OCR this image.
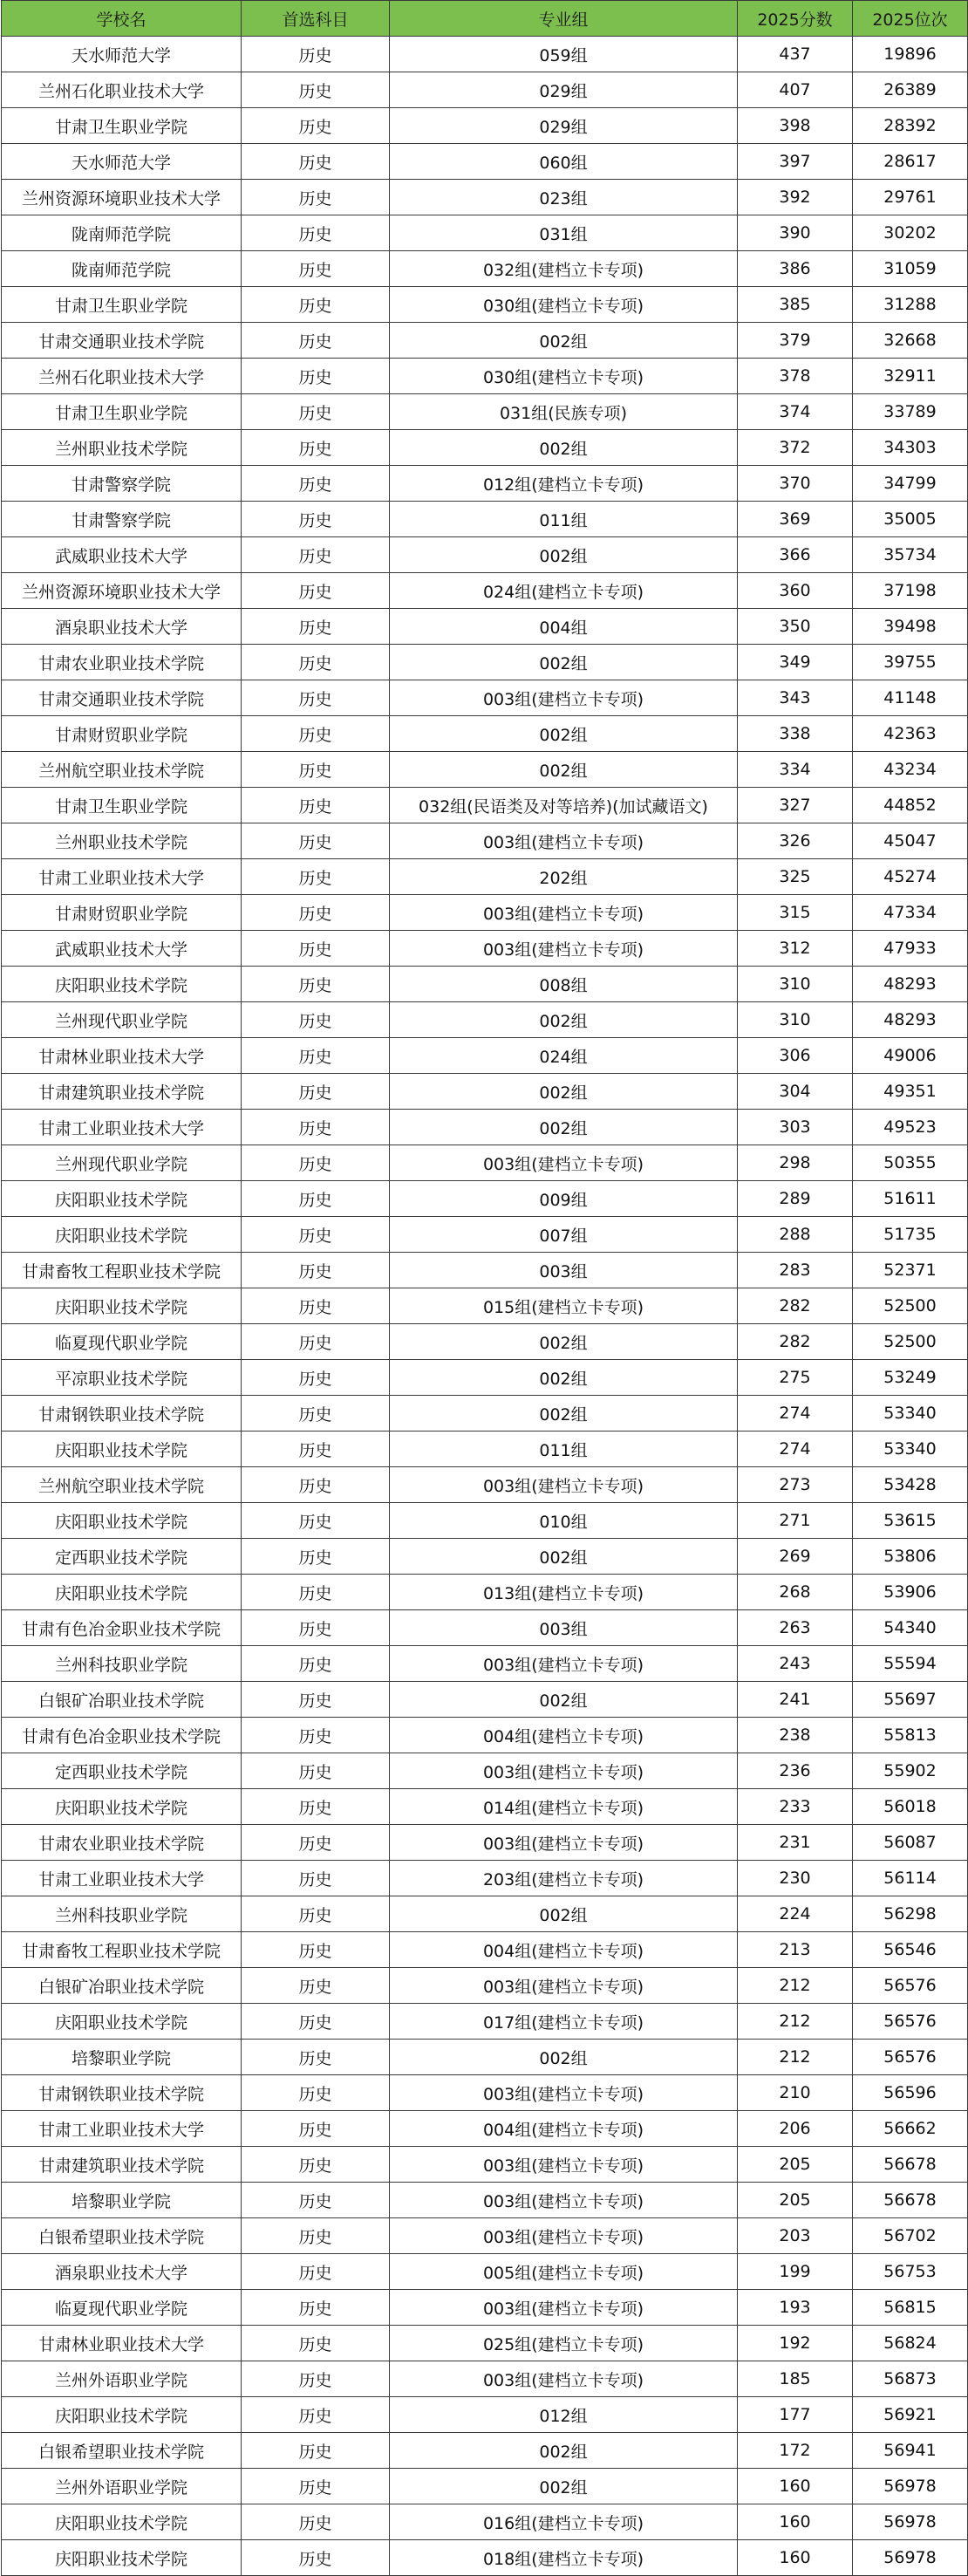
学校名	首选科目	专业组	2025分数	2025位次
天水师范大学	历史	059组	437	19896
兰州石化职业技术大学	历史	029组	407	26389
甘肃卫生职业学院	历史	029组	398	28392
天水师范大学	历史	060组	397	28617
兰州资源环境职业技术大学	历史	023组	392	29761
陇南师范学院	历史	031组	390	30202
陇南师范学院	历史	032组(建档立卡专项)	386	31059
甘肃卫生职业学院	历史	030组(建档立卡专项)	385	31288
甘肃交通职业技术学院	历史	002组	379	32668
兰州石化职业技术大学	历史	030组(建档立卡专项)	378	32911
甘肃卫生职业学院	历史	031组(民族专项)	374	33789
兰州职业技术学院	历史	002组	372	34303
甘肃警察学院	历史	012组(建档立卡专项)	370	34799
甘肃警察学院	历史	011组	369	35005
武威职业技术大学	历史	002组	366	35734
兰州资源环境职业技术大学	历史	024组(建档立卡专项)	360	37198
酒泉职业技术大学	历史	004组	350	39498
甘肃农业职业技术学院	历史	002组	349	39755
甘肃交通职业技术学院	历史	003组(建档立卡专项)	343	41148
甘肃财贸职业学院	历史	002组	338	42363
兰州航空职业技术学院	历史	002组	334	43234
甘肃卫生职业学院	历史	032组(民语类及对等培养)(加试藏语文)	327	44852
兰州职业技术学院	历史	003组(建档立卡专项)	326	45047
甘肃工业职业技术大学	历史	202组	325	45274
甘肃财贸职业学院	历史	003组(建档立卡专项)	315	47334
武威职业技术大学	历史	003组(建档立卡专项)	312	47933
庆阳职业技术学院	历史	008组	310	48293
兰州现代职业学院	历史	002组	310	48293
甘肃林业职业技术大学	历史	024组	306	49006
甘肃建筑职业技术学院	历史	002组	304	49351
甘肃工业职业技术大学	历史	002组	303	49523
兰州现代职业学院	历史	003组(建档立卡专项)	298	50355
庆阳职业技术学院	历史	009组	289	51611
庆阳职业技术学院	历史	007组	288	51735
甘肃畜牧工程职业技术学院	历史	003组	283	52371
庆阳职业技术学院	历史	015组(建档立卡专项)	282	52500
临夏现代职业学院	历史	002组	282	52500
平凉职业技术学院	历史	002组	275	53249
甘肃钢铁职业技术学院	历史	002组	274	53340
庆阳职业技术学院	历史	011组	274	53340
兰州航空职业技术学院	历史	003组(建档立卡专项)	273	53428
庆阳职业技术学院	历史	010组	271	53615
定西职业技术学院	历史	002组	269	53806
庆阳职业技术学院	历史	013组(建档立卡专项)	268	53906
甘肃有色冶金职业技术学院	历史	003组	263	54340
兰州科技职业学院	历史	003组(建档立卡专项)	243	55594
白银矿冶职业技术学院	历史	002组	241	55697
甘肃有色冶金职业技术学院	历史	004组(建档立卡专项)	238	55813
定西职业技术学院	历史	003组(建档立卡专项)	236	55902
庆阳职业技术学院	历史	014组(建档立卡专项)	233	56018
甘肃农业职业技术学院	历史	003组(建档立卡专项)	231	56087
甘肃工业职业技术大学	历史	203组(建档立卡专项)	230	56114
兰州科技职业学院	历史	002组	224	56298
甘肃畜牧工程职业技术学院	历史	004组(建档立卡专项)	213	56546
白银矿冶职业技术学院	历史	003组(建档立卡专项)	212	56576
庆阳职业技术学院	历史	017组(建档立卡专项)	212	56576
培黎职业学院	历史	002组	212	56576
甘肃钢铁职业技术学院	历史	003组(建档立卡专项)	210	56596
甘肃工业职业技术大学	历史	004组(建档立卡专项)	206	56662
甘肃建筑职业技术学院	历史	003组(建档立卡专项)	205	56678
培黎职业学院	历史	003组(建档立卡专项)	205	56678
白银希望职业技术学院	历史	003组(建档立卡专项)	203	56702
酒泉职业技术大学	历史	005组(建档立卡专项)	199	56753
临夏现代职业学院	历史	003组(建档立卡专项)	193	56815
甘肃林业职业技术大学	历史	025组(建档立卡专项)	192	56824
兰州外语职业学院	历史	003组(建档立卡专项)	185	56873
庆阳职业技术学院	历史	012组	177	56921
白银希望职业技术学院	历史	002组	172	56941
兰州外语职业学院	历史	002组	160	56978
庆阳职业技术学院	历史	016组(建档立卡专项)	160	56978
庆阳职业技术学院	历史	018组(建档立卡专项)	160	56978
